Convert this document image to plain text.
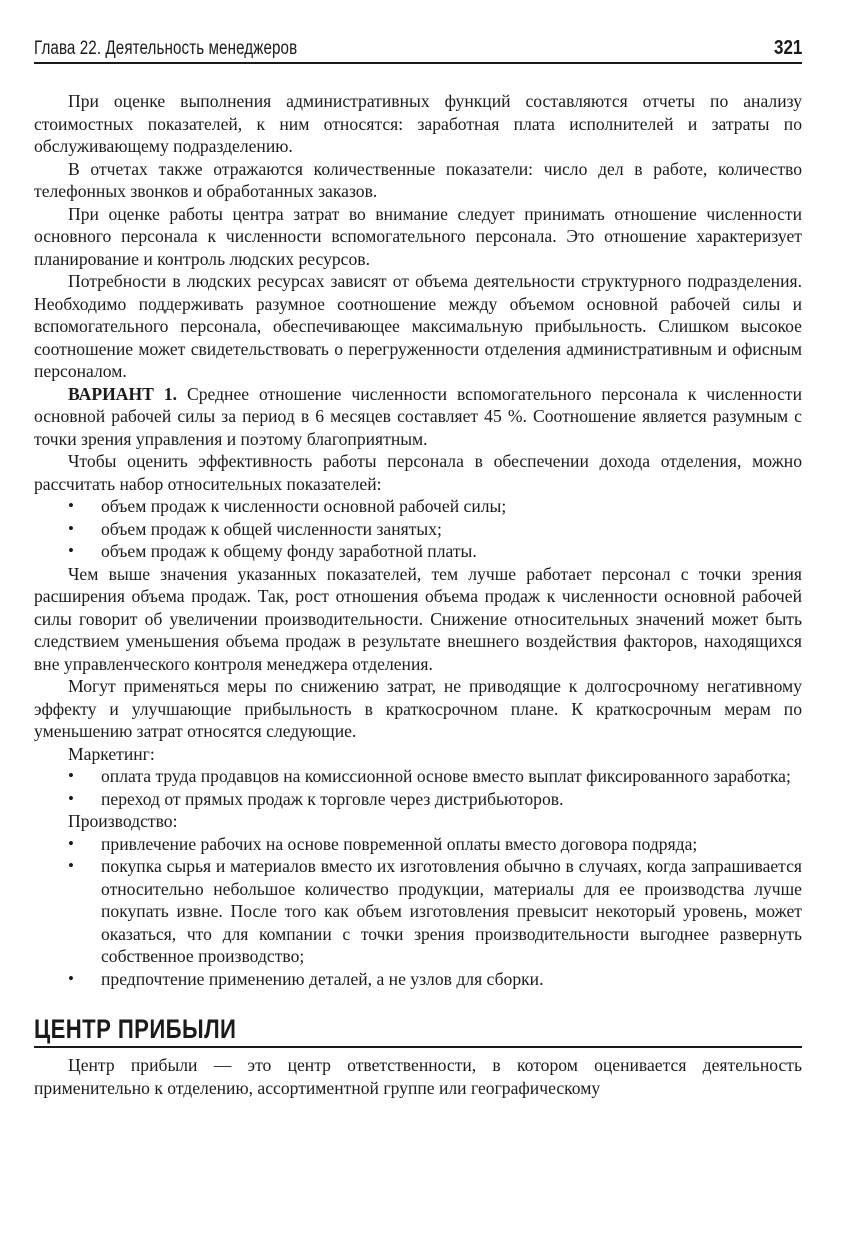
Глава 22. Деятельность менеджеров	321

При оценке выполнения административных функций составляются отчеты по анализу стоимостных показателей, к ним относятся: заработная плата исполнителей и затраты по обслуживающему подразделению.

В отчетах также отражаются количественные показатели: число дел в работе, количество телефонных звонков и обработанных заказов.

При оценке работы центра затрат во внимание следует принимать отношение численности основного персонала к численности вспомогательного персонала. Это отношение характеризует планирование и контроль людских ресурсов.

Потребности в людских ресурсах зависят от объема деятельности структурного подразделения. Необходимо поддерживать разумное соотношение между объемом основной рабочей силы и вспомогательного персонала, обеспечивающее максимальную прибыльность. Слишком высокое соотношение может свидетельствовать о перегруженности отделения административным и офисным персоналом.

ВАРИАНТ 1. Среднее отношение численности вспомогательного персонала к численности основной рабочей силы за период в 6 месяцев составляет 45 %. Соотношение является разумным с точки зрения управления и поэтому благоприятным.

Чтобы оценить эффективность работы персонала в обеспечении дохода отделения, можно рассчитать набор относительных показателей:

• объем продаж к численности основной рабочей силы;
• объем продаж к общей численности занятых;
• объем продаж к общему фонду заработной платы.

Чем выше значения указанных показателей, тем лучше работает персонал с точки зрения расширения объема продаж. Так, рост отношения объема продаж к численности основной рабочей силы говорит об увеличении производительности. Снижение относительных значений может быть следствием уменьшения объема продаж в результате внешнего воздействия факторов, находящихся вне управленческого контроля менеджера отделения.

Могут применяться меры по снижению затрат, не приводящие к долгосрочному негативному эффекту и улучшающие прибыльность в краткосрочном плане. К краткосрочным мерам по уменьшению затрат относятся следующие.

Маркетинг:

• оплата труда продавцов на комиссионной основе вместо выплат фиксированного заработка;
• переход от прямых продаж к торговле через дистрибьюторов.

Производство:

• привлечение рабочих на основе повременной оплаты вместо договора подряда;
• покупка сырья и материалов вместо их изготовления обычно в случаях, когда запрашивается относительно небольшое количество продукции, материалы для ее производства лучше покупать извне. После того как объем изготовления превысит некоторый уровень, может оказаться, что для компании с точки зрения производительности выгоднее развернуть собственное производство;
• предпочтение применению деталей, а не узлов для сборки.
ЦЕНТР ПРИБЫЛИ

Центр прибыли — это центр ответственности, в котором оценивается деятельность применительно к отделению, ассортиментной группе или географическому
